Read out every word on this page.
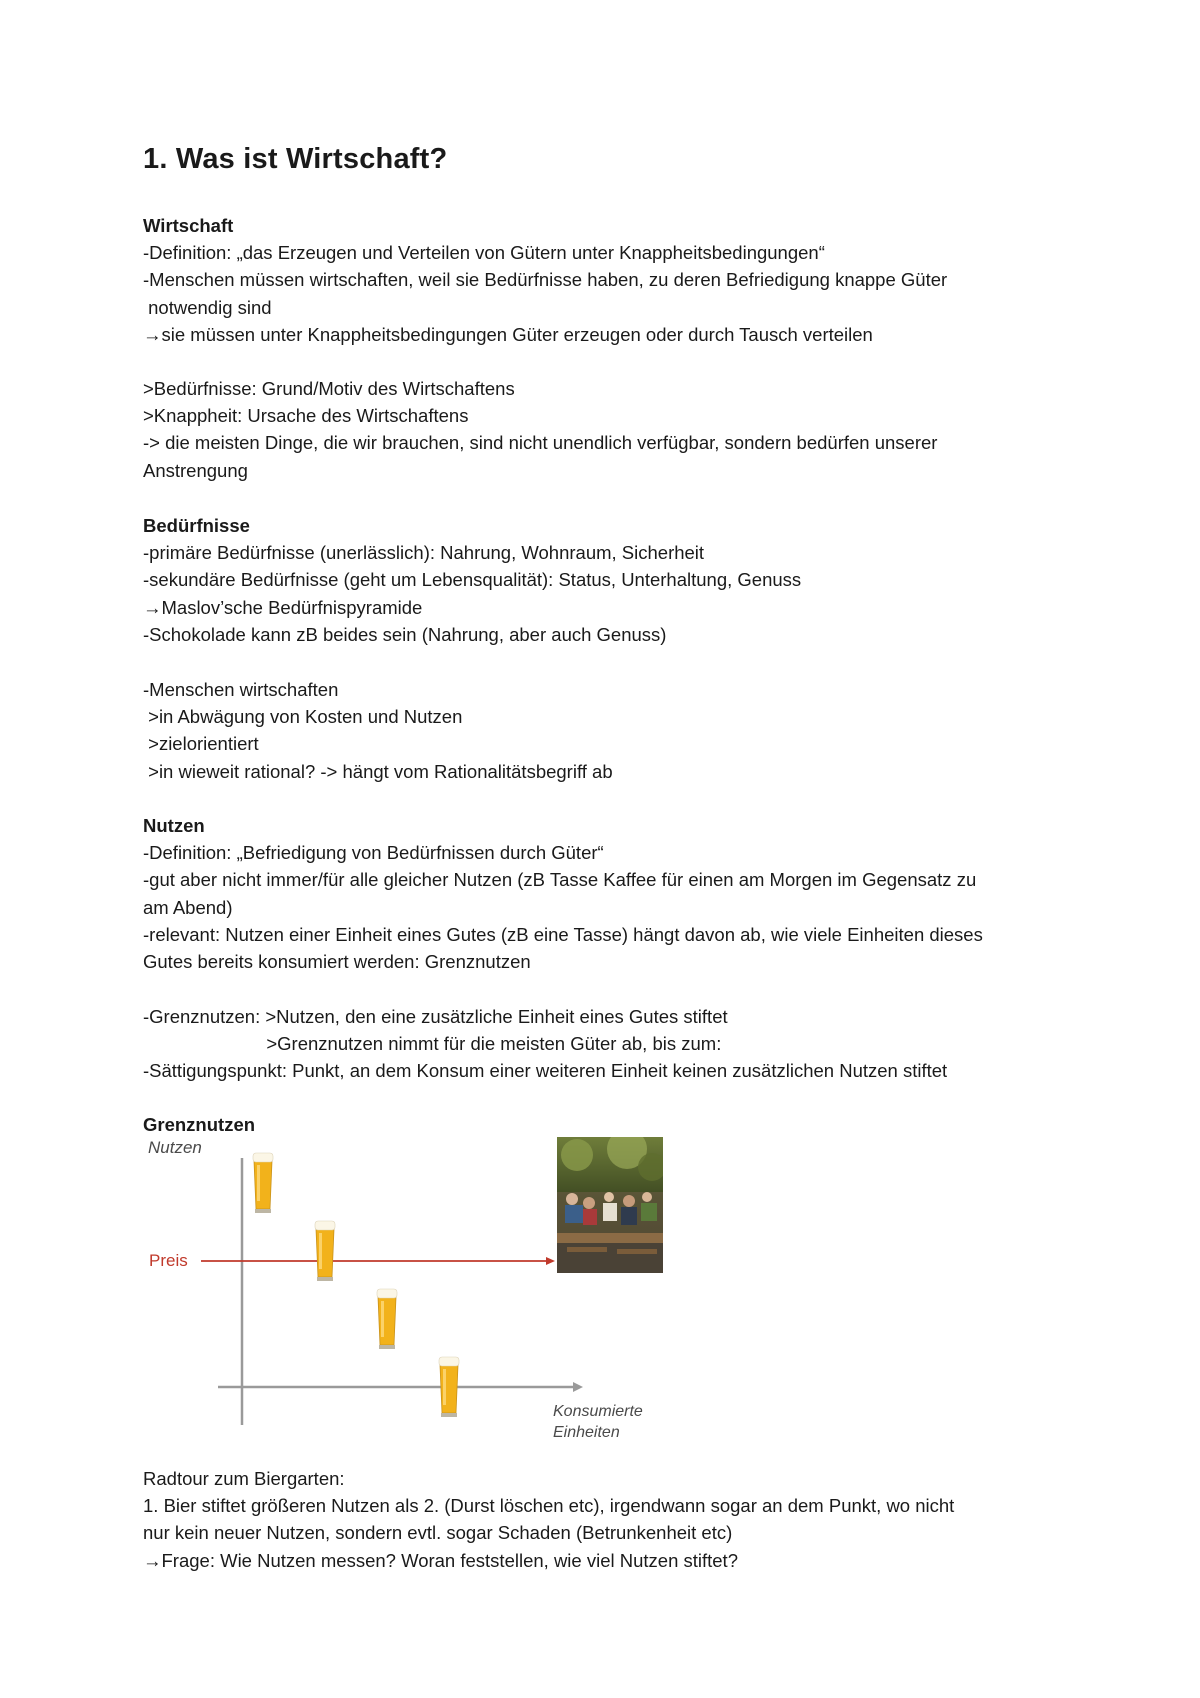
1. Was ist Wirtschaft?
Wirtschaft
-Definition: „das Erzeugen und Verteilen von Gütern unter Knappheitsbedingungen“
-Menschen müssen wirtschaften, weil sie Bedürfnisse haben, zu deren Befriedigung knappe Güter
notwendig sind
→sie müssen unter Knappheitsbedingungen Güter erzeugen oder durch Tausch verteilen
>Bedürfnisse: Grund/Motiv des Wirtschaftens
>Knappheit: Ursache des Wirtschaftens
-> die meisten Dinge, die wir brauchen, sind nicht unendlich verfügbar, sondern bedürfen unserer
Anstrengung
Bedürfnisse
-primäre Bedürfnisse (unerlässlich): Nahrung, Wohnraum, Sicherheit
-sekundäre Bedürfnisse (geht um Lebensqualität): Status, Unterhaltung, Genuss
→Maslov’sche Bedürfnispyramide
-Schokolade kann zB beides sein (Nahrung, aber auch Genuss)
-Menschen wirtschaften
>in Abwägung von Kosten und Nutzen
>zielorientiert
>in wieweit rational? -> hängt vom Rationalitätsbegriff ab
Nutzen
-Definition: „Befriedigung von Bedürfnissen durch Güter“
-gut aber nicht immer/für alle gleicher Nutzen (zB Tasse Kaffee für einen am Morgen im Gegensatz zu
am Abend)
-relevant: Nutzen einer Einheit eines Gutes (zB eine Tasse) hängt davon ab, wie viele Einheiten dieses
Gutes bereits konsumiert werden: Grenznutzen
-Grenznutzen: >Nutzen, den eine zusätzliche Einheit eines Gutes stiftet
>Grenznutzen nimmt für die meisten Güter ab, bis zum:
-Sättigungspunkt: Punkt, an dem Konsum einer weiteren Einheit keinen zusätzlichen Nutzen stiftet
Grenznutzen
Radtour zum Biergarten:
1. Bier stiftet größeren Nutzen als 2. (Durst löschen etc), irgendwann sogar an dem Punkt, wo nicht
nur kein neuer Nutzen, sondern evtl. sogar Schaden (Betrunkenheit etc)
→Frage: Wie Nutzen messen? Woran feststellen, wie viel Nutzen stiftet?
Nutzen
Preis
Konsumierte Einheiten
